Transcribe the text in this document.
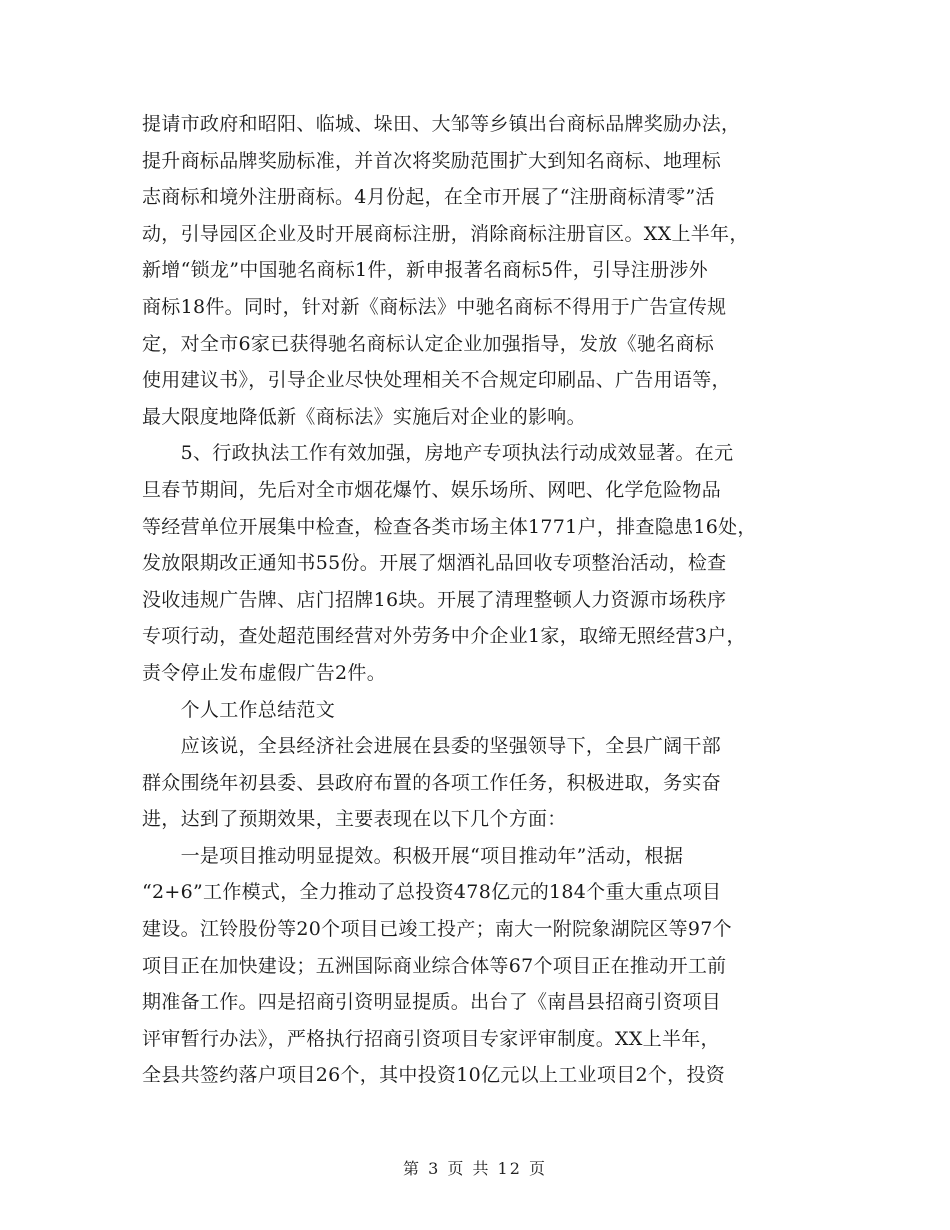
提请市政府和昭阳、临城、垛田、大邹等乡镇出台商标品牌奖励办法，
提升商标品牌奖励标准，并首次将奖励范围扩大到知名商标、地理标
志商标和境外注册商标。4月份起，在全市开展了“注册商标清零”活
动，引导园区企业及时开展商标注册，消除商标注册盲区。XX上半年，
新增“锁龙”中国驰名商标1件，新申报著名商标5件，引导注册涉外
商标18件。同时，针对新《商标法》中驰名商标不得用于广告宣传规
定，对全市6家已获得驰名商标认定企业加强指导，发放《驰名商标
使用建议书》，引导企业尽快处理相关不合规定印刷品、广告用语等，
最大限度地降低新《商标法》实施后对企业的影响。
　　5、行政执法工作有效加强，房地产专项执法行动成效显著。在元
旦春节期间，先后对全市烟花爆竹、娱乐场所、网吧、化学危险物品
等经营单位开展集中检查，检查各类市场主体1771户，排查隐患16处，
发放限期改正通知书55份。开展了烟酒礼品回收专项整治活动，检查
没收违规广告牌、店门招牌16块。开展了清理整顿人力资源市场秩序
专项行动，查处超范围经营对外劳务中介企业1家，取缔无照经营3户，
责令停止发布虚假广告2件。
　　个人工作总结范文
　　应该说，全县经济社会进展在县委的坚强领导下，全县广阔干部
群众围绕年初县委、县政府布置的各项工作任务，积极进取，务实奋
进，达到了预期效果，主要表现在以下几个方面：
　　一是项目推动明显提效。积极开展“项目推动年”活动，根据
“2+6”工作模式，全力推动了总投资478亿元的184个重大重点项目
建设。江铃股份等20个项目已竣工投产；南大一附院象湖院区等97个
项目正在加快建设；五洲国际商业综合体等67个项目正在推动开工前
期准备工作。四是招商引资明显提质。出台了《南昌县招商引资项目
评审暂行办法》，严格执行招商引资项目专家评审制度。XX上半年，
全县共签约落户项目26个，其中投资10亿元以上工业项目2个，投资
第 3 页 共 12 页
